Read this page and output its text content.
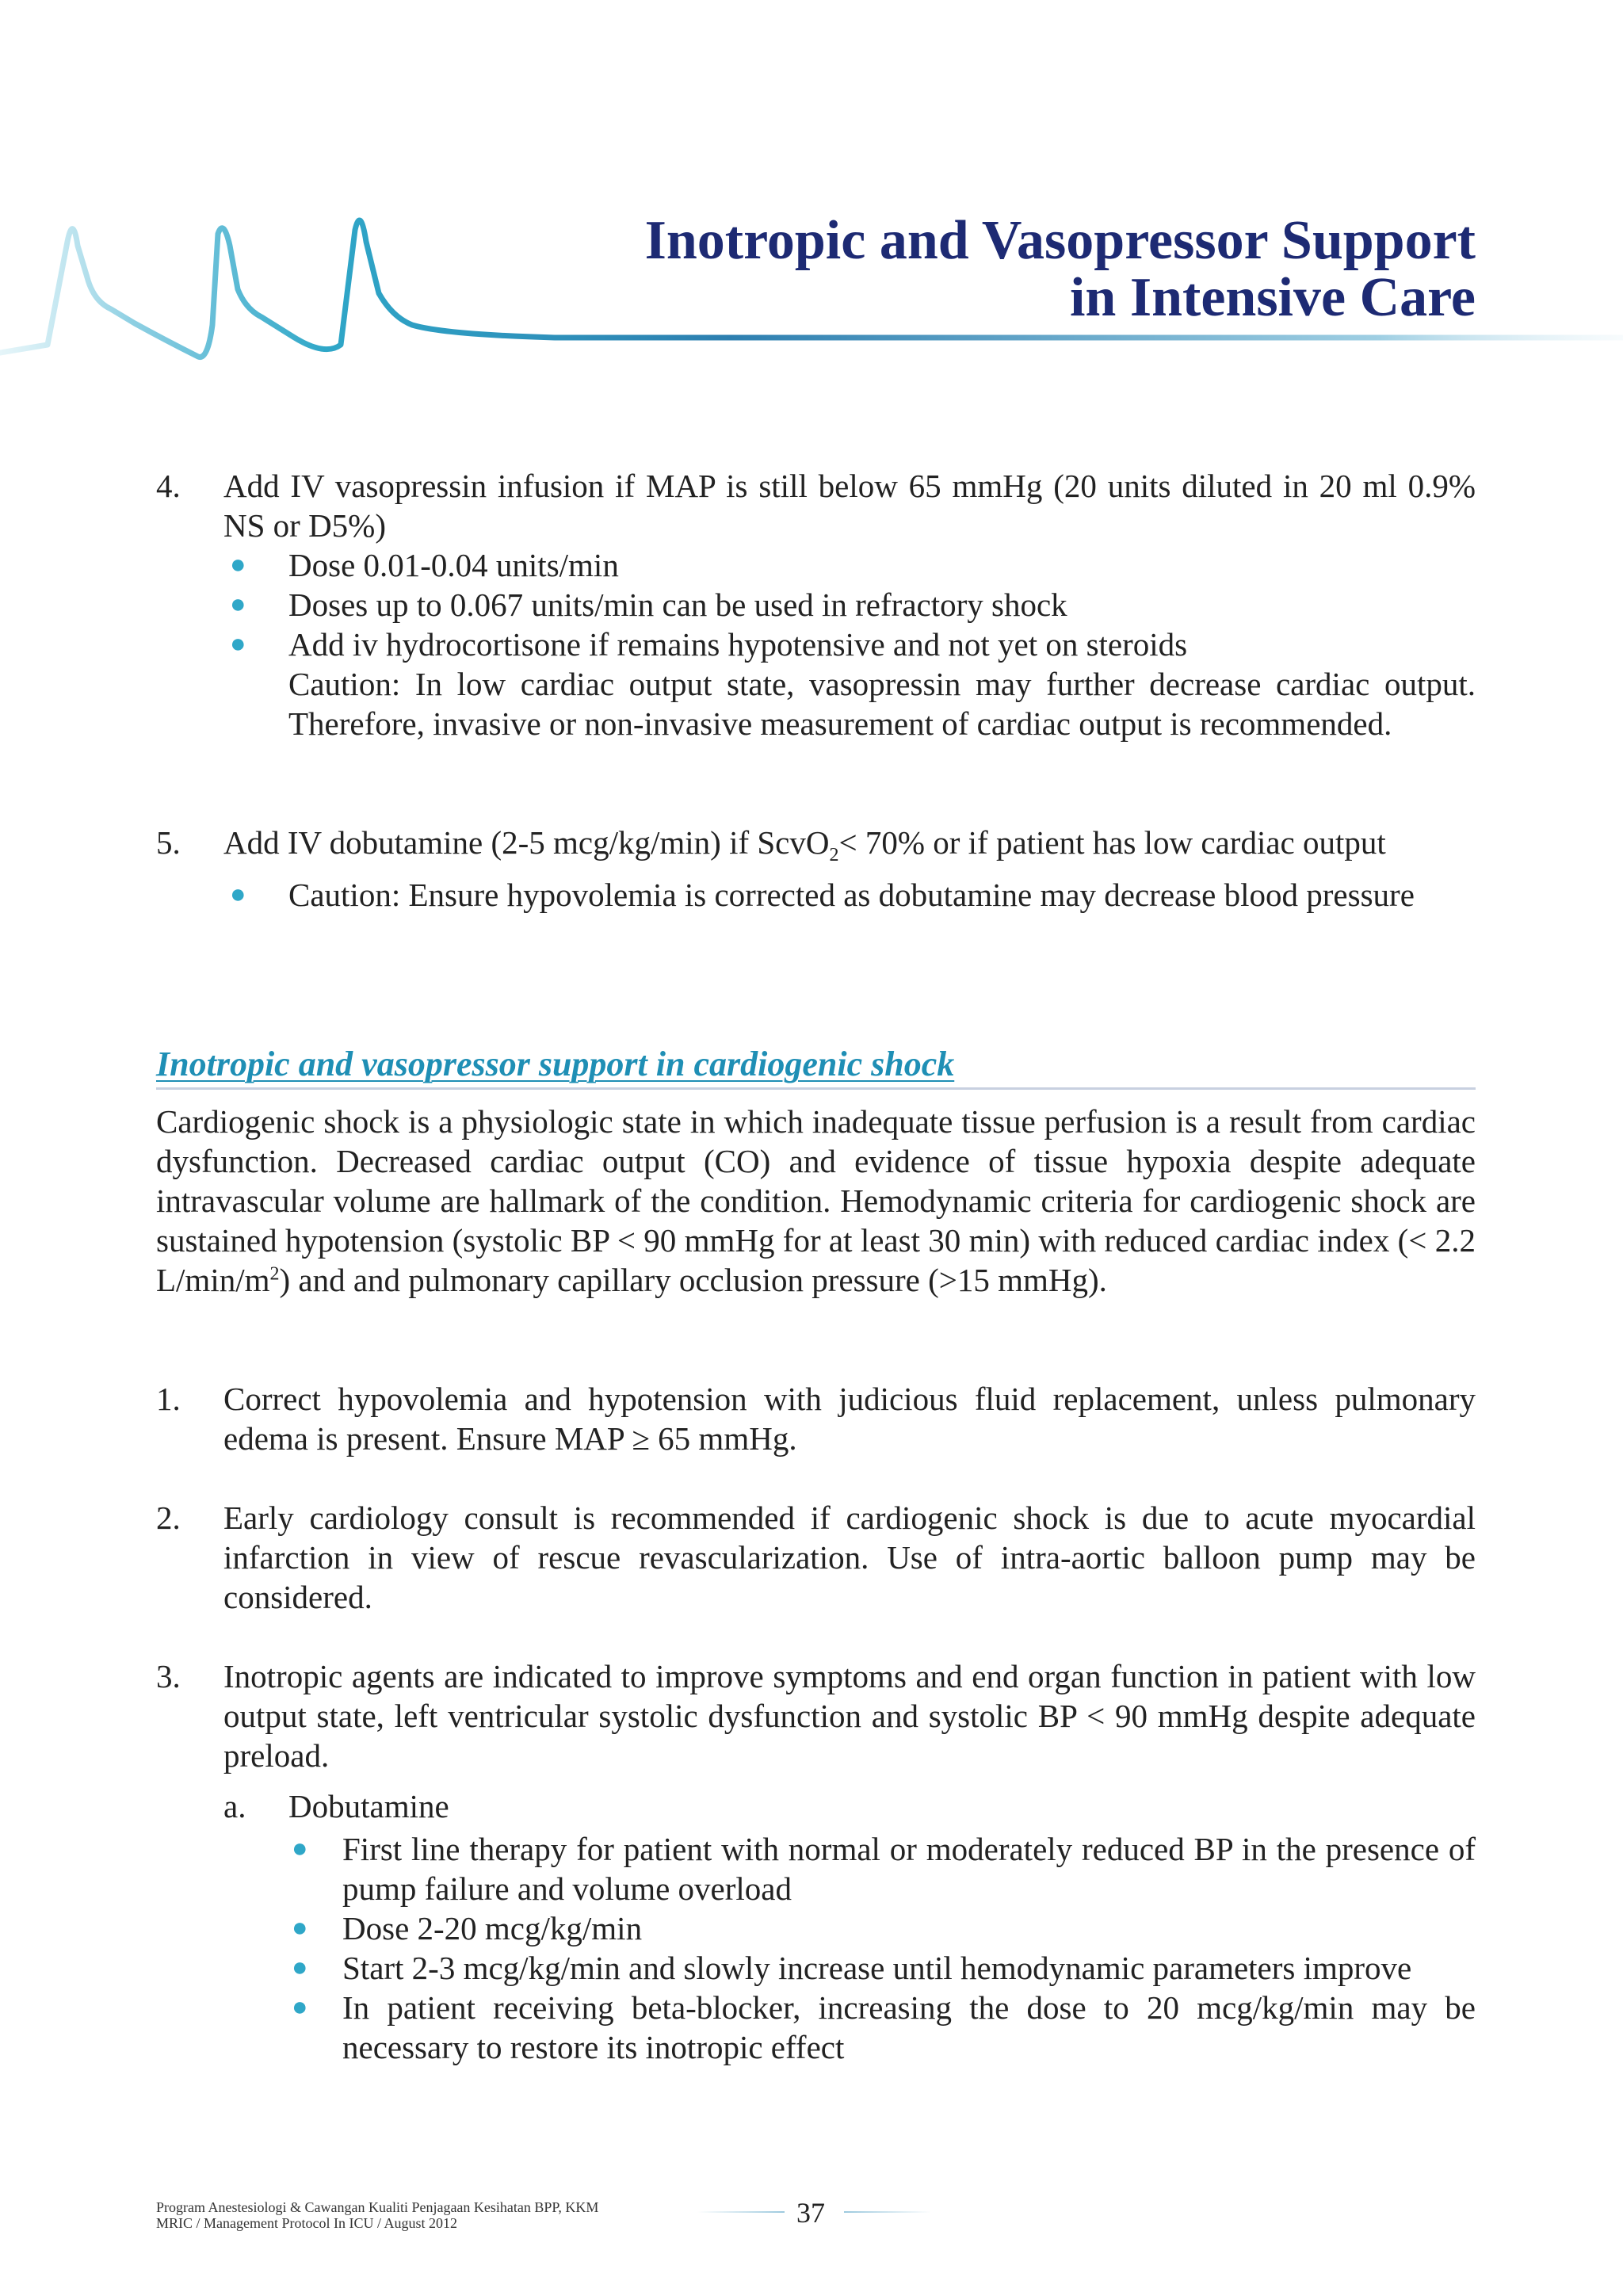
Inotropic and Vasopressor Support
in Intensive Care
4.	Add IV vasopressin infusion if MAP is still below 65 mmHg (20 units diluted in 20 ml 0.9% NS or D5%)
● Dose 0.01-0.04 units/min
● Doses up to 0.067 units/min can be used in refractory shock
● Add iv hydrocortisone if remains hypotensive and not yet on steroids
Caution: In low cardiac output state, vasopressin may further decrease cardiac output. Therefore, invasive or non-invasive measurement of cardiac output is recommended.
5.	Add IV dobutamine (2-5 mcg/kg/min) if ScvO$_2$< 70% or if patient has low cardiac output
● Caution: Ensure hypovolemia is corrected as dobutamine may decrease blood pressure
Inotropic and vasopressor support in cardiogenic shock
Cardiogenic shock is a physiologic state in which inadequate tissue perfusion is a result from cardiac dysfunction. Decreased cardiac output (CO) and evidence of tissue hypoxia despite adequate intravascular volume are hallmark of the condition. Hemodynamic criteria for cardiogenic shock are sustained hypotension (systolic BP < 90 mmHg for at least 30 min) with reduced cardiac index (< 2.2 $L/\min/m^2$) and and pulmonary capillary occlusion pressure (>15 mmHg).
1.	Correct hypovolemia and hypotension with judicious fluid replacement, unless pulmonary edema is present. Ensure MAP ≥ 65 mmHg.
2.	Early cardiology consult is recommended if cardiogenic shock is due to acute myocardial infarction in view of rescue revascularization. Use of intra-aortic balloon pump may be considered.
3.	Inotropic agents are indicated to improve symptoms and end organ function in patient with low output state, left ventricular systolic dysfunction and systolic BP < 90 mmHg despite adequate preload.
a. Dobutamine
● First line therapy for patient with normal or moderately reduced BP in the presence of pump failure and volume overload
● Dose 2-20 mcg/kg/min
● Start 2-3 mcg/kg/min and slowly increase until hemodynamic parameters improve
● In patient receiving beta-blocker, increasing the dose to 20 mcg/kg/min may be necessary to restore its inotropic effect
Program Anestesiologi & Cawangan Kualiti Penjagaan Kesihatan BPP, KKM
MRIC / Management Protocol In ICU / August 2012	37
